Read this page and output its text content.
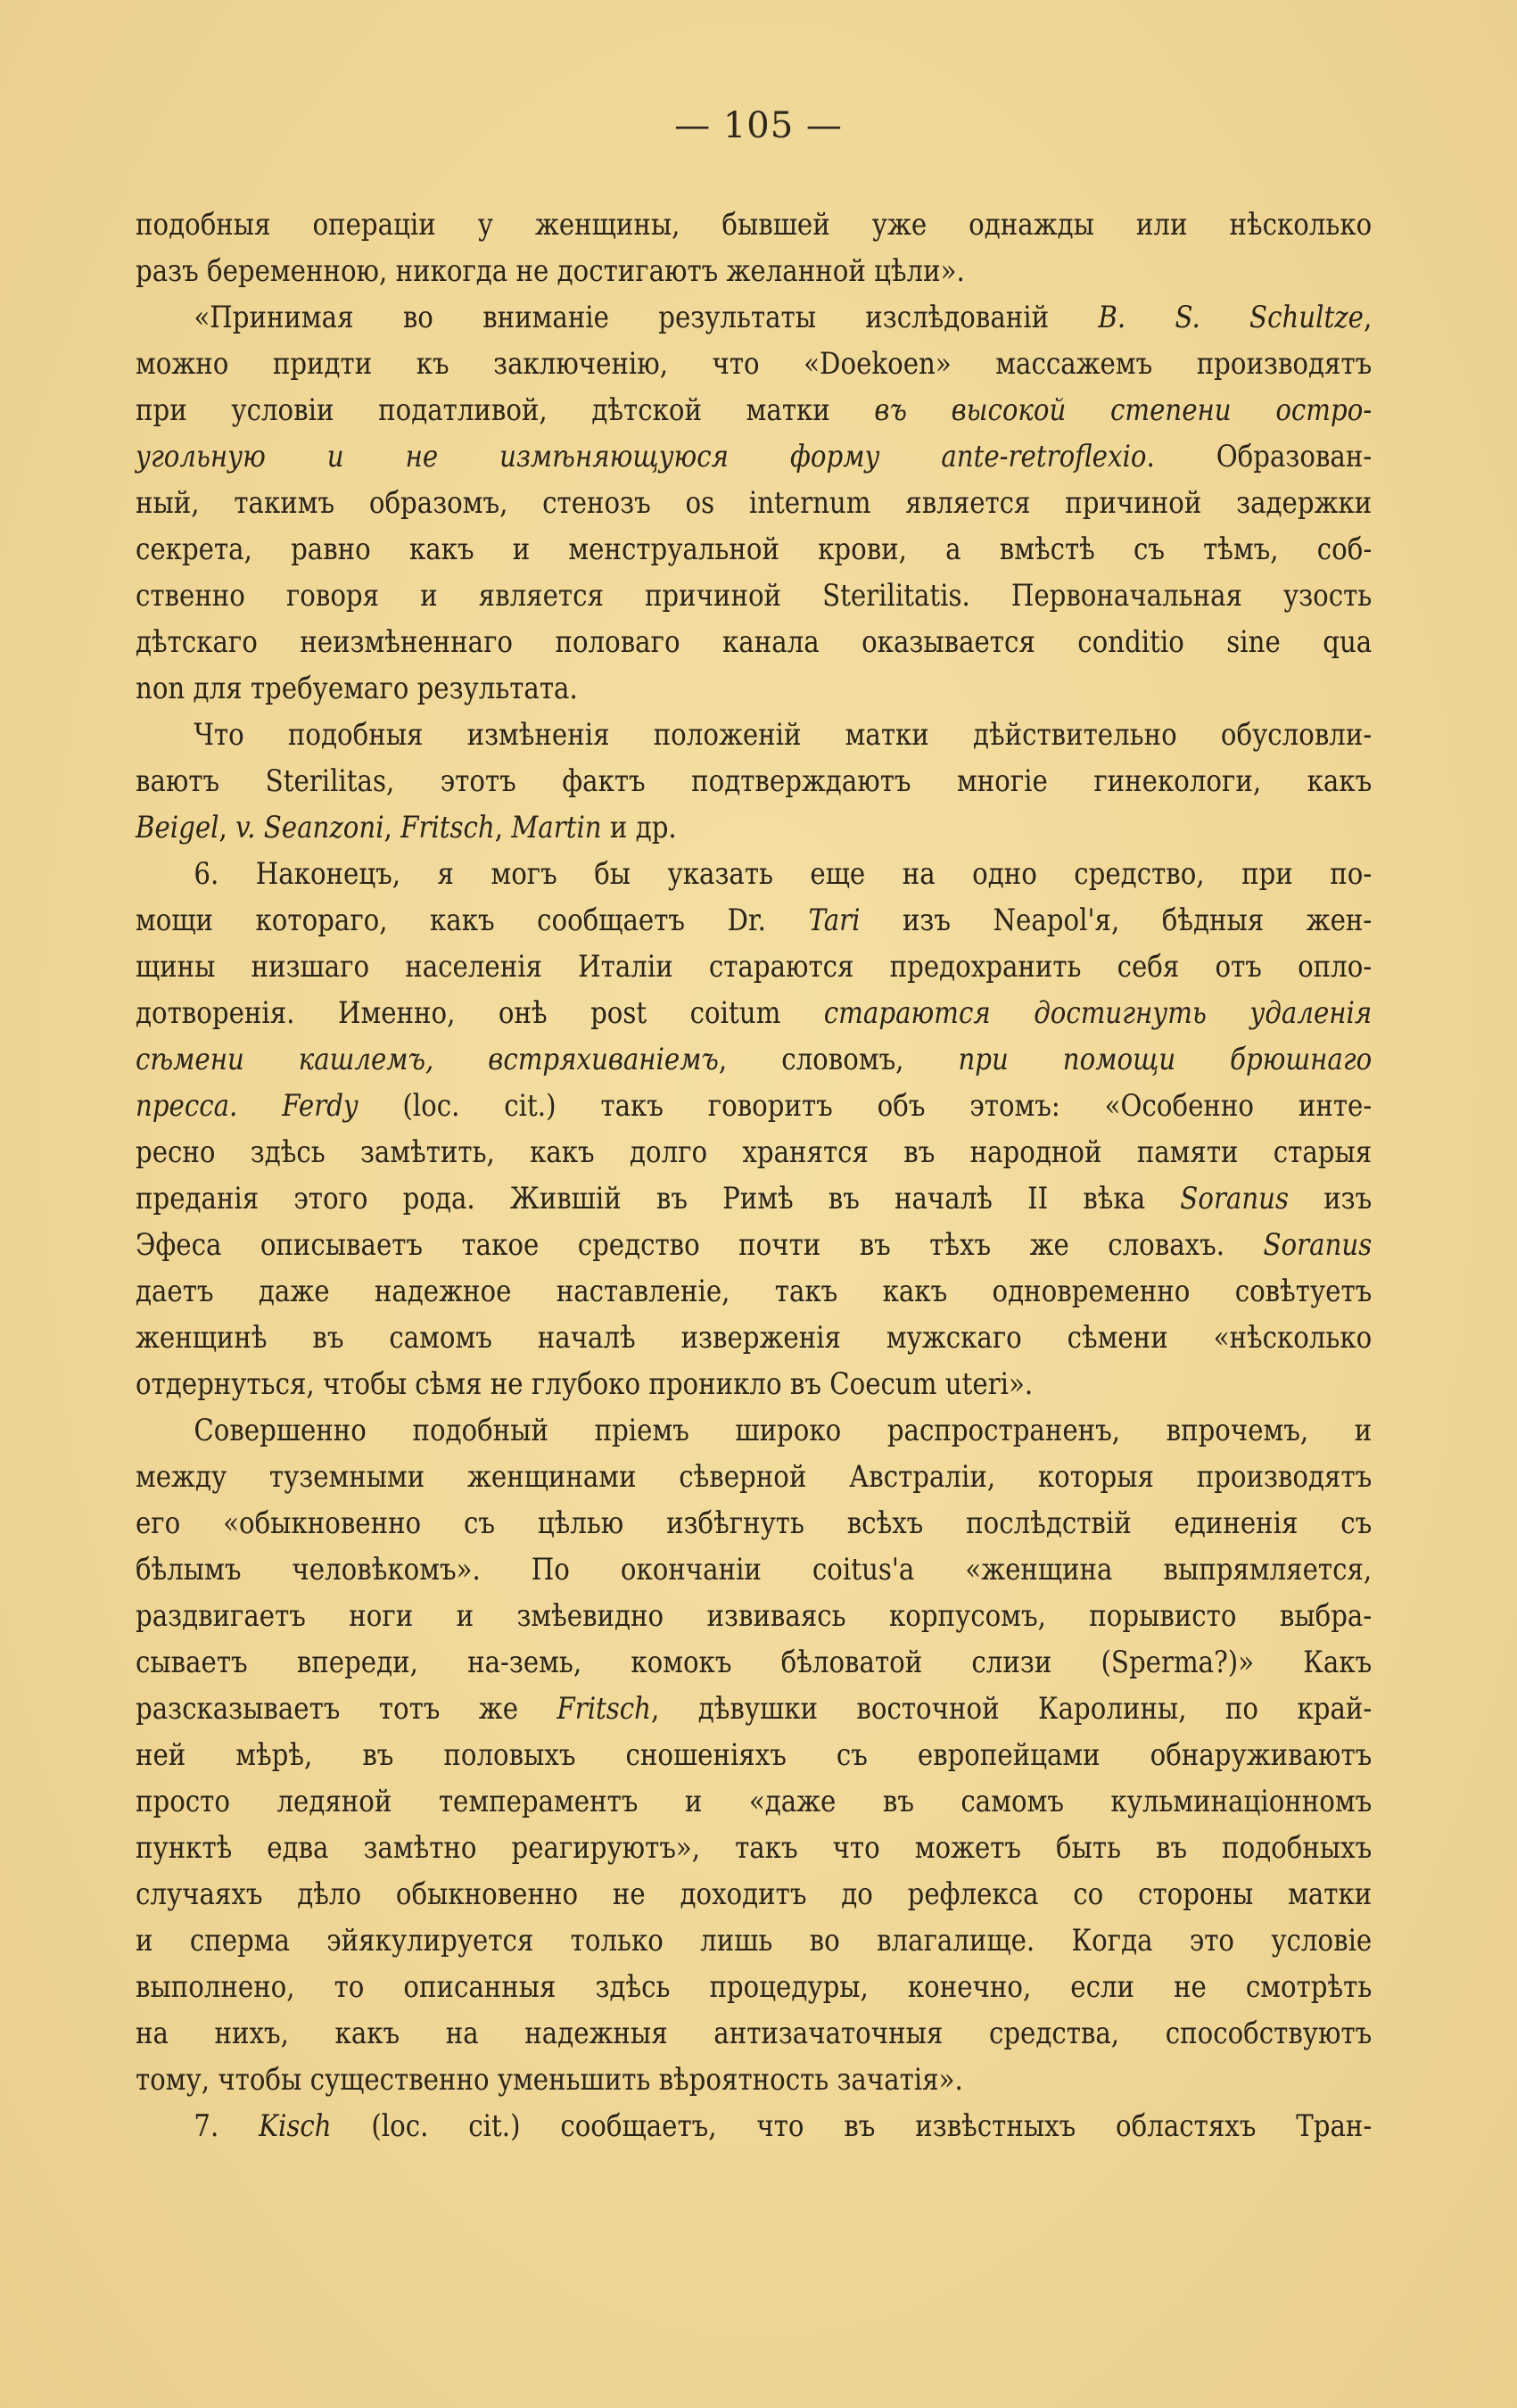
— 105 —
подобныя операціи у женщины, бывшей уже однажды или нѣсколько
разъ беременною, никогда не достигаютъ желанной цѣли».
«Принимая во вниманіе результаты изслѣдованій B. S. Schultze,
можно придти къ заключенію, что «Doekoen» массажемъ производятъ
при условіи податливой, дѣтской матки въ высокой степени остро-
угольную и не измѣняющуюся форму ante-retroflexio. Образован-
ный, такимъ образомъ, стенозъ os internum является причиной задержки
секрета, равно какъ и менструальной крови, а вмѣстѣ съ тѣмъ, соб-
ственно говоря и является причиной Sterilitatis. Первоначальная узость
дѣтскаго неизмѣненнаго половаго канала оказывается conditio sine qua
non для требуемаго результата.
Что подобныя измѣненія положеній матки дѣйствительно обусловли-
ваютъ Sterilitas, этотъ фактъ подтверждаютъ многіе гинекологи, какъ
Beigel, v. Seanzoni, Fritsch, Martin и др.
6. Наконецъ, я могъ бы указать еще на одно средство, при по-
мощи котораго, какъ сообщаетъ Dr. Tari изъ Neapol'я, бѣдныя жен-
щины низшаго населенія Италіи стараются предохранить себя отъ опло-
дотворенія. Именно, онѣ post coitum стараются достигнуть удаленія
сѣмени кашлемъ, встряхиваніемъ, словомъ, при помощи брюшнаго
пресса. Ferdy (loc. cit.) такъ говоритъ объ этомъ: «Особенно инте-
ресно здѣсь замѣтить, какъ долго хранятся въ народной памяти старыя
преданія этого рода. Жившій въ Римѣ въ началѣ II вѣка Soranus изъ
Эфеса описываетъ такое средство почти въ тѣхъ же словахъ. Soranus
даетъ даже надежное наставленіе, такъ какъ одновременно совѣтуетъ
женщинѣ въ самомъ началѣ изверженія мужскаго сѣмени «нѣсколько
отдернуться, чтобы сѣмя не глубоко проникло въ Coecum uteri».
Совершенно подобный пріемъ широко распространенъ, впрочемъ, и
между туземными женщинами сѣверной Австраліи, которыя производятъ
его «обыкновенно съ цѣлью избѣгнуть всѣхъ послѣдствій единенія съ
бѣлымъ человѣкомъ». По окончаніи coitus'а «женщина выпрямляется,
раздвигаетъ ноги и змѣевидно извиваясь корпусомъ, порывисто выбра-
сываетъ впереди, на-земь, комокъ бѣловатой слизи (Sperma?)» Какъ
разсказываетъ тотъ же Fritsch, дѣвушки восточной Каролины, по край-
ней мѣрѣ, въ половыхъ сношеніяхъ съ европейцами обнаруживаютъ
просто ледяной темпераментъ и «даже въ самомъ кульминаціонномъ
пунктѣ едва замѣтно реагируютъ», такъ что можетъ быть въ подобныхъ
случаяхъ дѣло обыкновенно не доходитъ до рефлекса со стороны матки
и сперма эйякулируется только лишь во влагалище. Когда это условіе
выполнено, то описанныя здѣсь процедуры, конечно, если не смотрѣть
на нихъ, какъ на надежныя антизачаточныя средства, способствуютъ
тому, чтобы существенно уменьшить вѣроятность зачатія».
7. Kisch (loc. cit.) сообщаетъ, что въ извѣстныхъ областяхъ Тран-
